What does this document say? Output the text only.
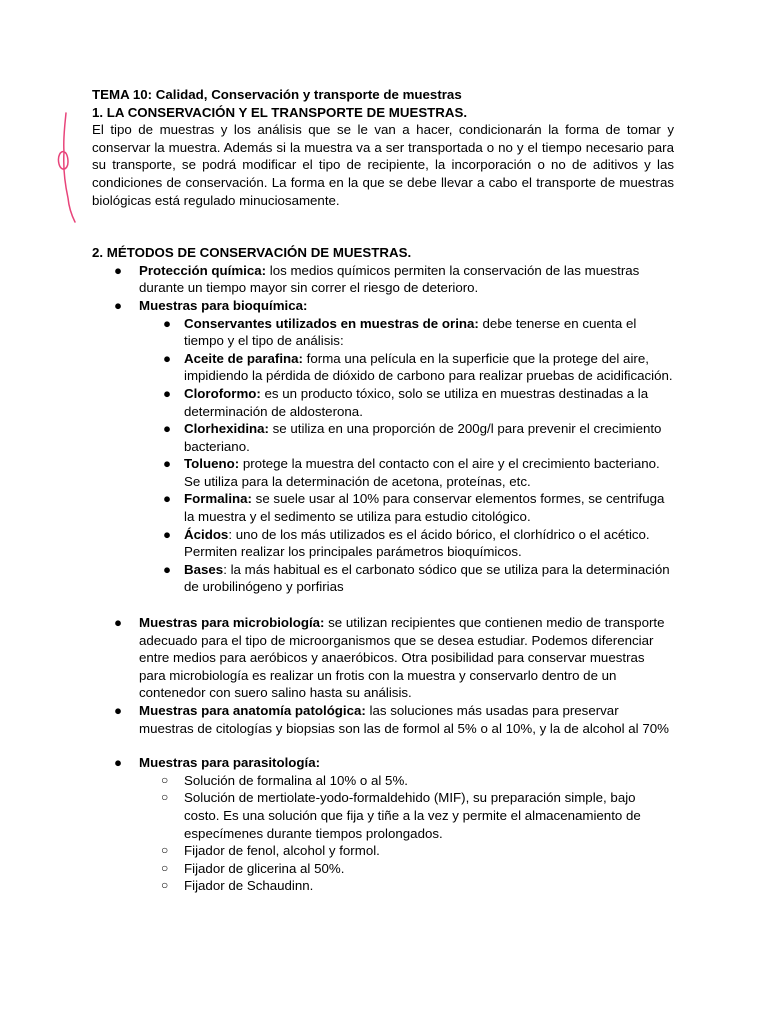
TEMA 10: Calidad, Conservación y transporte de muestras
1. LA CONSERVACIÓN Y EL TRANSPORTE DE MUESTRAS.
El tipo de muestras y los análisis que se le van a hacer, condicionarán la forma de tomar y conservar la muestra. Además si la muestra va a ser transportada o no y el tiempo necesario para su transporte, se podrá modificar el tipo de recipiente, la incorporación o no de aditivos y las condiciones de conservación. La forma en la que se debe llevar a cabo el transporte de muestras biológicas está regulado minuciosamente.
2. MÉTODOS DE CONSERVACIÓN DE MUESTRAS.
● Protección química: los medios químicos permiten la conservación de las muestras durante un tiempo mayor sin correr el riesgo de deterioro.
● Muestras para bioquímica:
● Conservantes utilizados en muestras de orina: debe tenerse en cuenta el tiempo y el tipo de análisis:
● Aceite de parafina: forma una película en la superficie que la protege del aire, impidiendo la pérdida de dióxido de carbono para realizar pruebas de acidificación.
● Cloroformo: es un producto tóxico, solo se utiliza en muestras destinadas a la determinación de aldosterona.
● Clorhexidina: se utiliza en una proporción de 200g/l para prevenir el crecimiento bacteriano.
● Tolueno: protege la muestra del contacto con el aire y el crecimiento bacteriano. Se utiliza para la determinación de acetona, proteínas, etc.
● Formalina: se suele usar al 10% para conservar elementos formes, se centrifuga la muestra y el sedimento se utiliza para estudio citológico.
● Ácidos: uno de los más utilizados es el ácido bórico, el clorhídrico o el acético. Permiten realizar los principales parámetros bioquímicos.
● Bases: la más habitual es el carbonato sódico que se utiliza para la determinación de urobilinógeno y porfirias
● Muestras para microbiología: se utilizan recipientes que contienen medio de transporte adecuado para el tipo de microorganismos que se desea estudiar. Podemos diferenciar entre medios para aeróbicos y anaeróbicos. Otra posibilidad para conservar muestras para microbiología es realizar un frotis con la muestra y conservarlo dentro de un contenedor con suero salino hasta su análisis.
● Muestras para anatomía patológica: las soluciones más usadas para preservar muestras de citologías y biopsias son las de formol al 5% o al 10%, y la de alcohol al 70%
● Muestras para parasitología:
○ Solución de formalina al 10% o al 5%.
○ Solución de mertiolate-yodo-formaldehido (MIF), su preparación simple, bajo costo. Es una solución que fija y tiñe a la vez y permite el almacenamiento de especímenes durante tiempos prolongados.
○ Fijador de fenol, alcohol y formol.
○ Fijador de glicerina al 50%.
○ Fijador de Schaudinn.
